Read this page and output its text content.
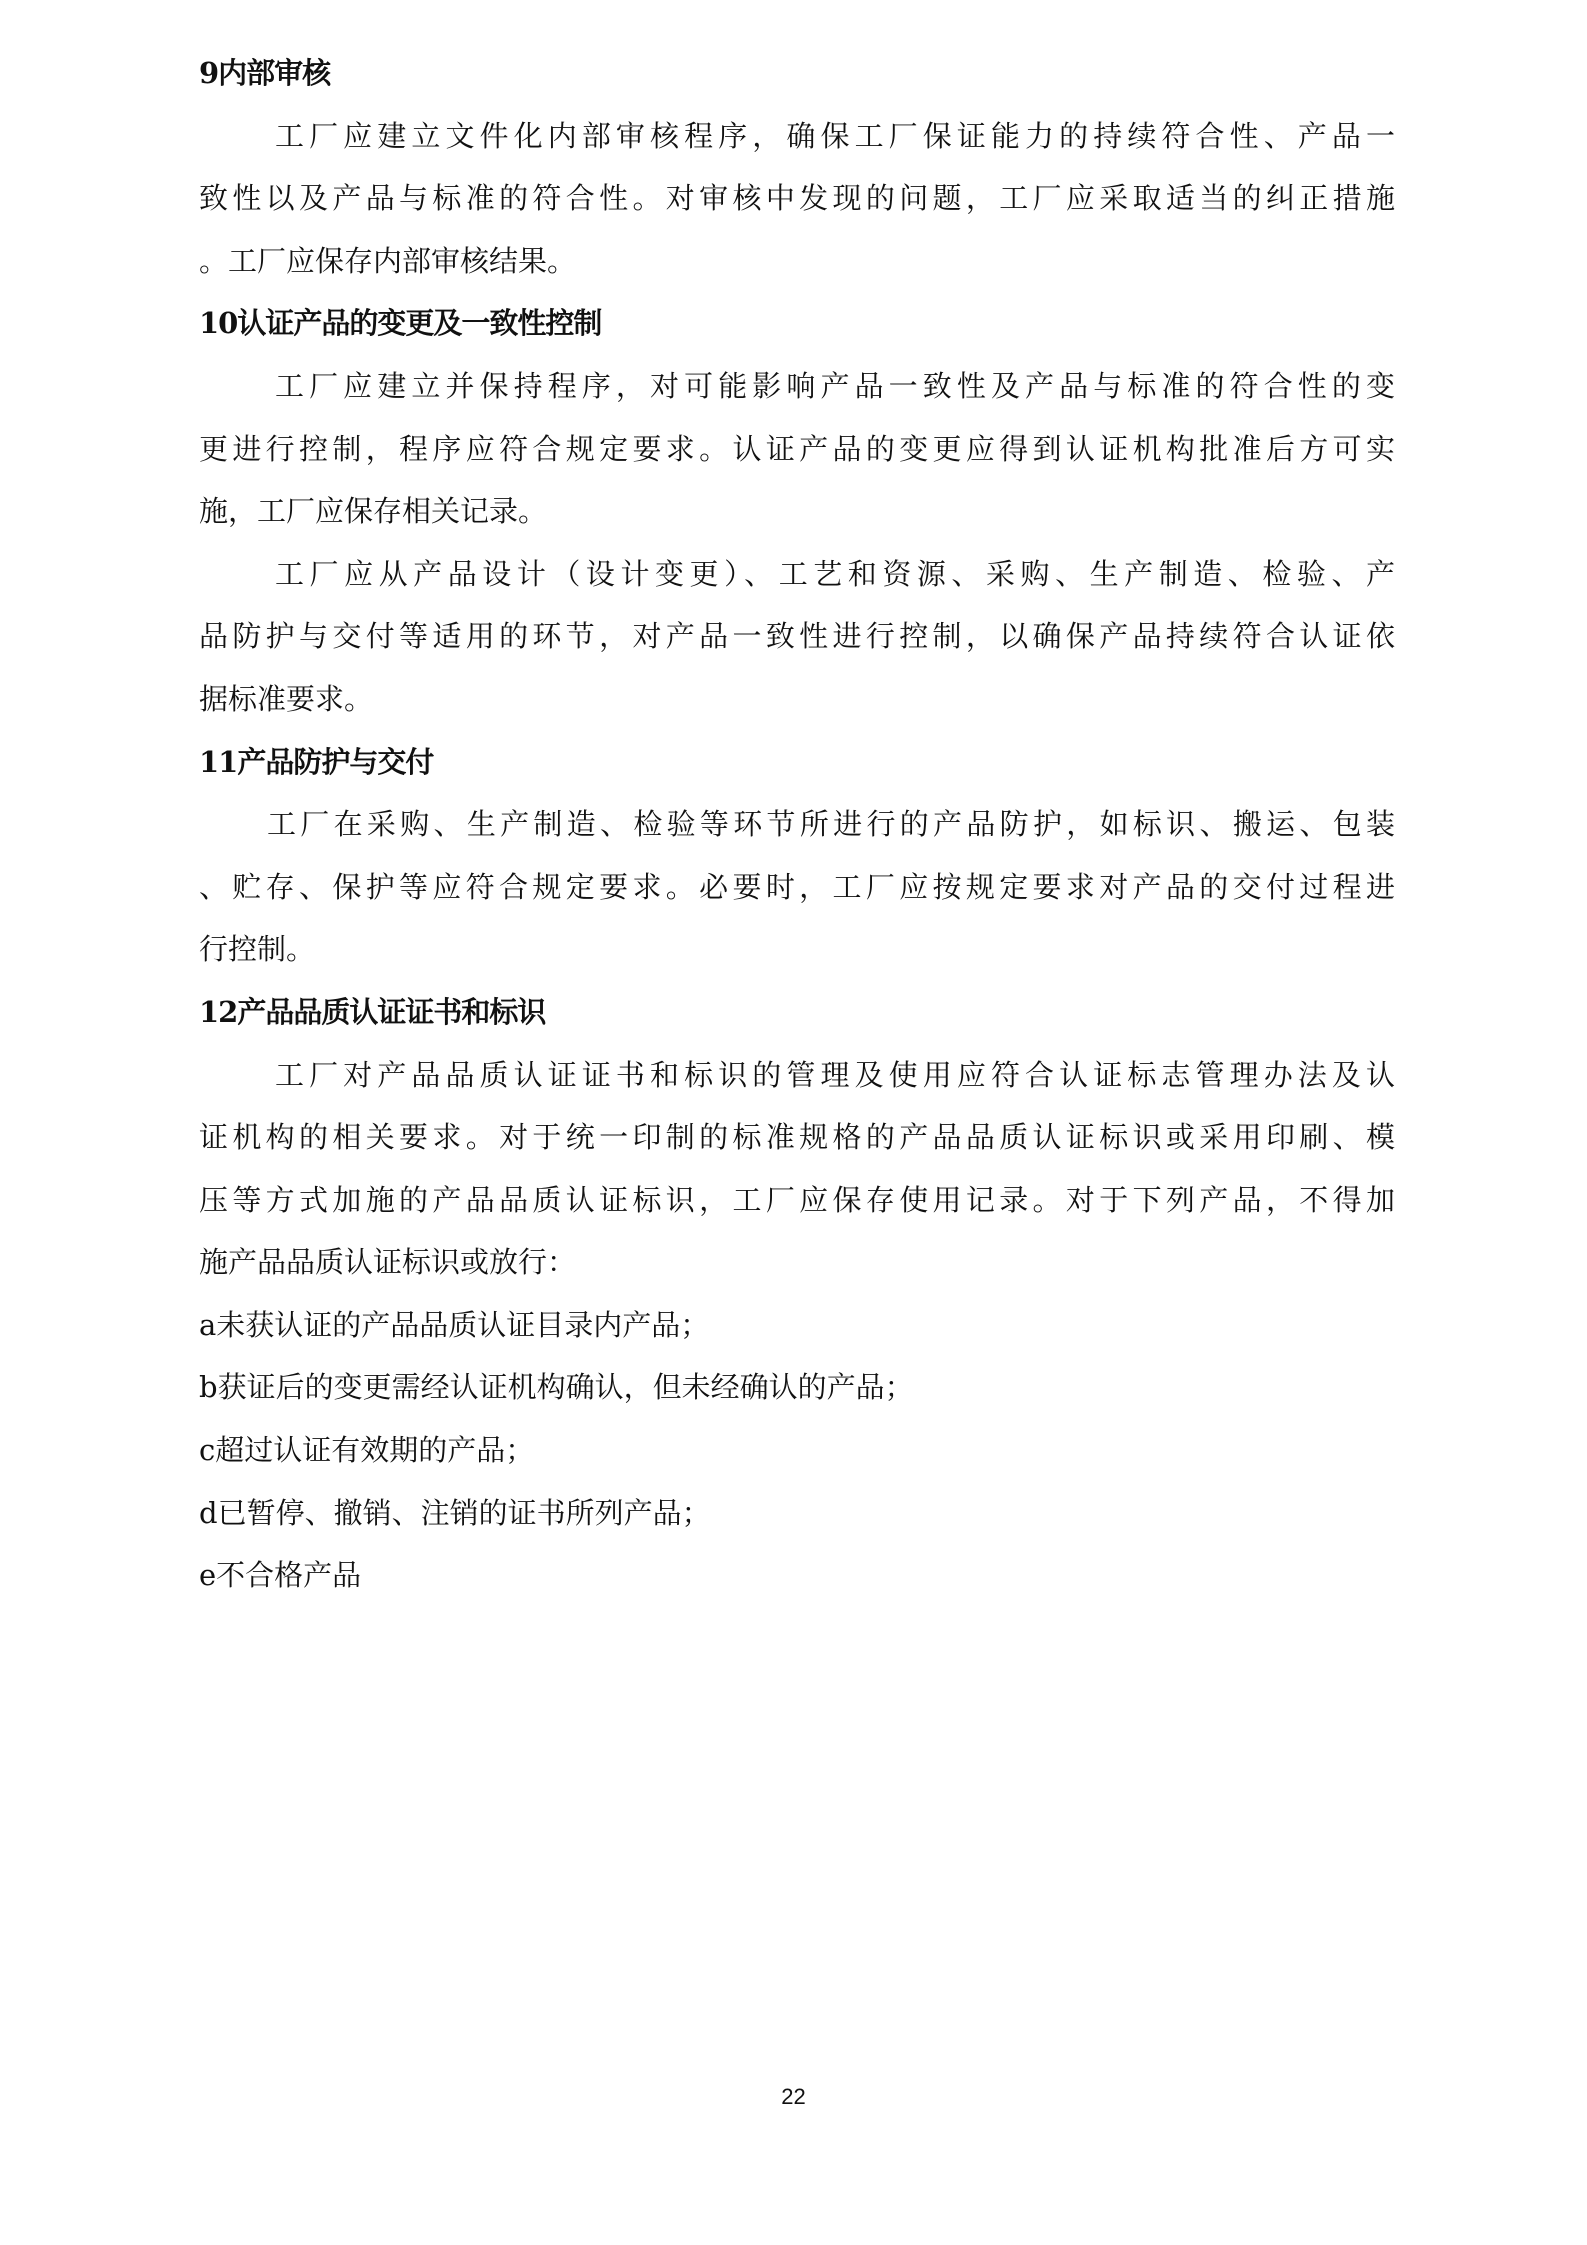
9内部审核
工厂应建立文件化内部审核程序，确保工厂保证能力的持续符合性、产品一
致性以及产品与标准的符合性。对审核中发现的问题，工厂应采取适当的纠正措施
。工厂应保存内部审核结果。
10认证产品的变更及一致性控制
工厂应建立并保持程序，对可能影响产品一致性及产品与标准的符合性的变
更进行控制，程序应符合规定要求。认证产品的变更应得到认证机构批准后方可实
施，工厂应保存相关记录。
工厂应从产品设计（设计变更）、工艺和资源、采购、生产制造、检验、产
品防护与交付等适用的环节，对产品一致性进行控制，以确保产品持续符合认证依
据标准要求。
11产品防护与交付
工厂在采购、生产制造、检验等环节所进行的产品防护，如标识、搬运、包装
、贮存、保护等应符合规定要求。必要时，工厂应按规定要求对产品的交付过程进
行控制。
12产品品质认证证书和标识
工厂对产品品质认证证书和标识的管理及使用应符合认证标志管理办法及认
证机构的相关要求。对于统一印制的标准规格的产品品质认证标识或采用印刷、模
压等方式加施的产品品质认证标识，工厂应保存使用记录。对于下列产品，不得加
施产品品质认证标识或放行：
a未获认证的产品品质认证目录内产品；
b获证后的变更需经认证机构确认，但未经确认的产品；
c超过认证有效期的产品；
d已暂停、撤销、注销的证书所列产品；
e不合格产品
22
